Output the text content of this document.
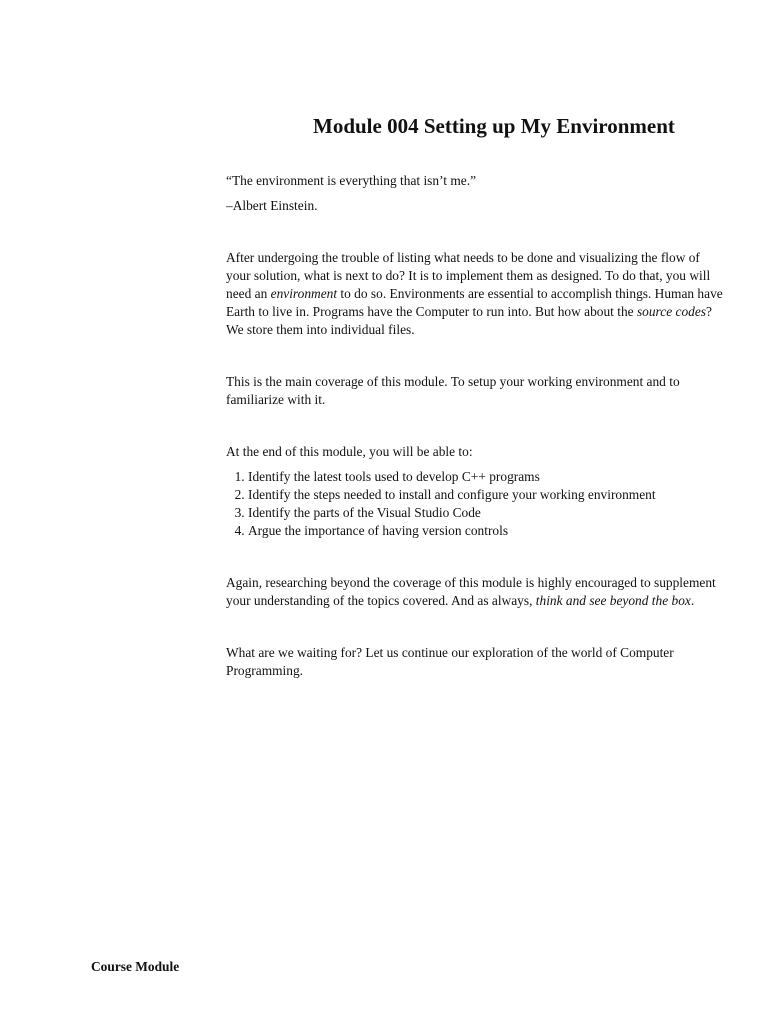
Module 004 Setting up My Environment

“The environment is everything that isn’t me.”

–Albert Einstein.

After undergoing the trouble of listing what needs to be done and visualizing the flow of your solution, what is next to do? It is to implement them as designed. To do that, you will need an environment to do so. Environments are essential to accomplish things. Human have Earth to live in. Programs have the Computer to run into. But how about the source codes? We store them into individual files.

This is the main coverage of this module. To setup your working environment and to familiarize with it.

At the end of this module, you will be able to:

1. Identify the latest tools used to develop C++ programs
2. Identify the steps needed to install and configure your working environment
3. Identify the parts of the Visual Studio Code
4. Argue the importance of having version controls

Again, researching beyond the coverage of this module is highly encouraged to supplement your understanding of the topics covered. And as always, think and see beyond the box.

What are we waiting for? Let us continue our exploration of the world of Computer Programming.

Course Module
